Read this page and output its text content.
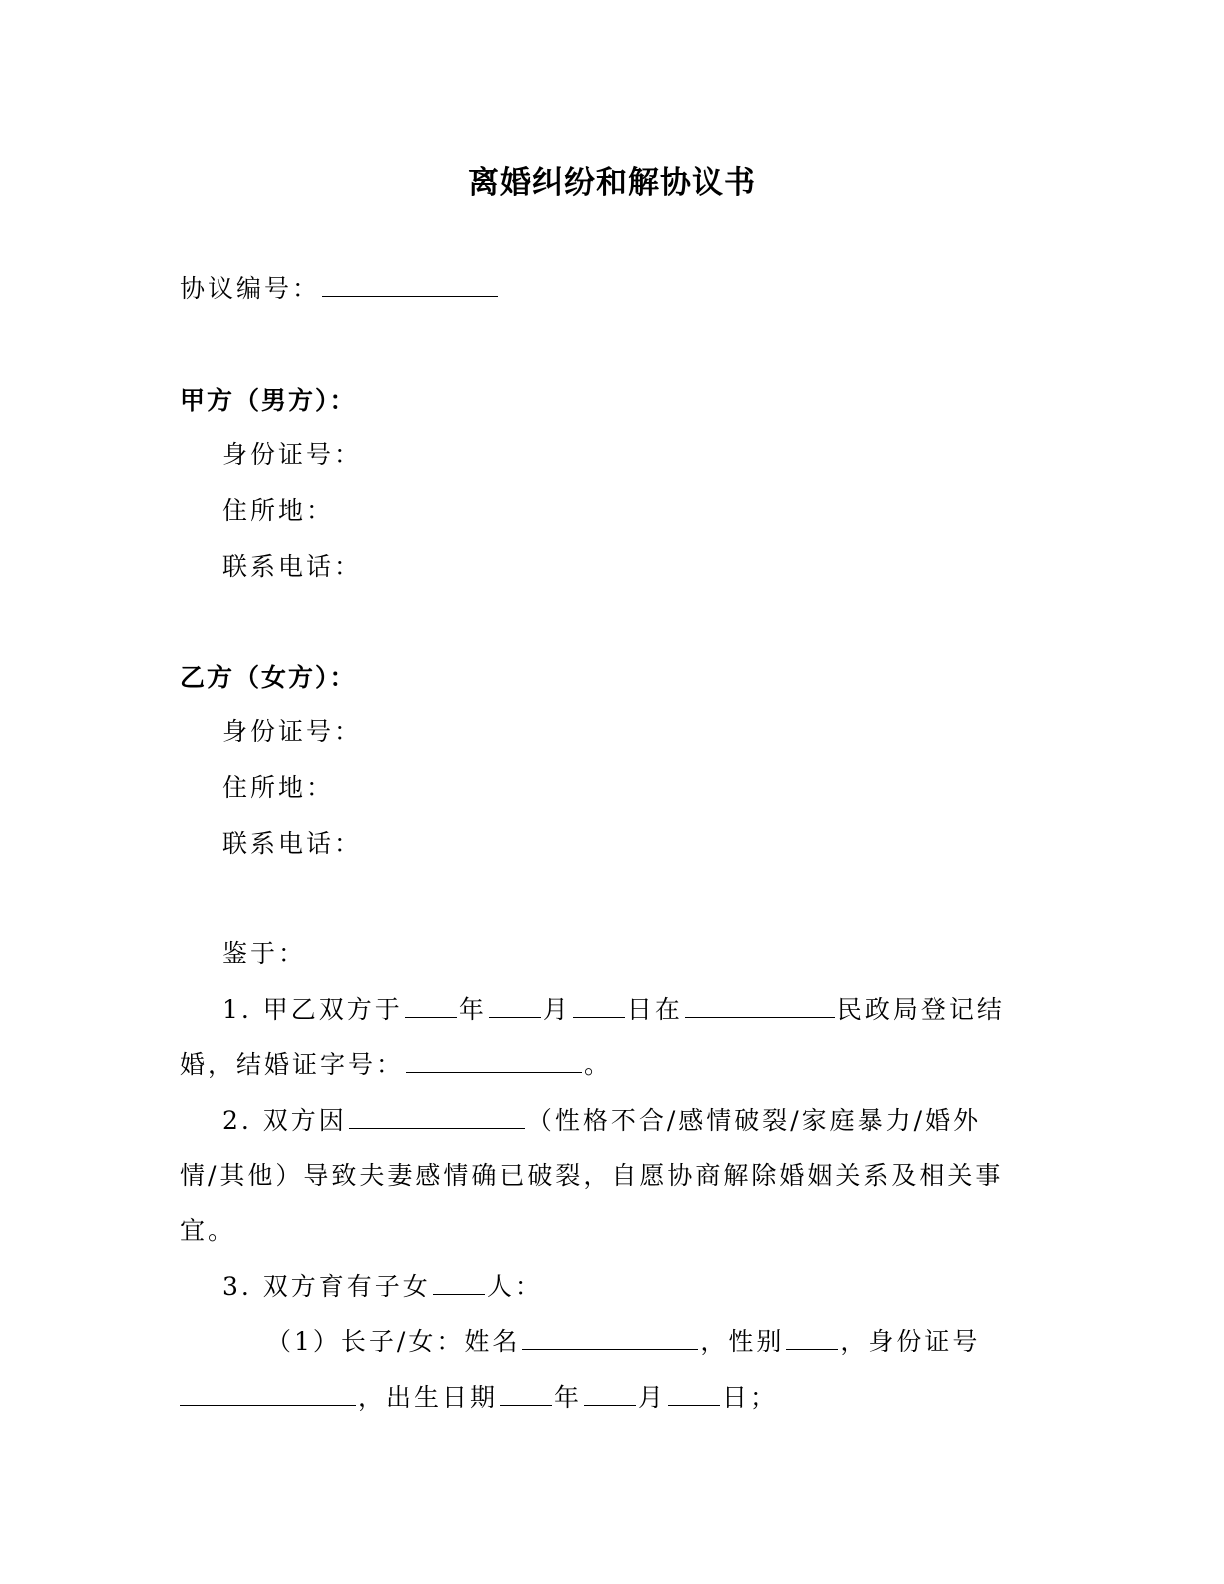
离婚纠纷和解协议书
协议编号：
甲方（男方）：
身份证号：
住所地：
联系电话：
乙方（女方）：
身份证号：
住所地：
联系电话：
鉴于：
1. 甲乙双方于 年 月 日在	民政局登记结
婚，结婚证字号：	。
2. 双方因	（性格不合/感情破裂/家庭暴力/婚外
情/其他）导致夫妻感情确已破裂，自愿协商解除婚姻关系及相关事
宜。
3. 双方育有子女 人：
（1）长子/女：姓名	，性别 ，身份证号
，出生日期 年 月 日；
